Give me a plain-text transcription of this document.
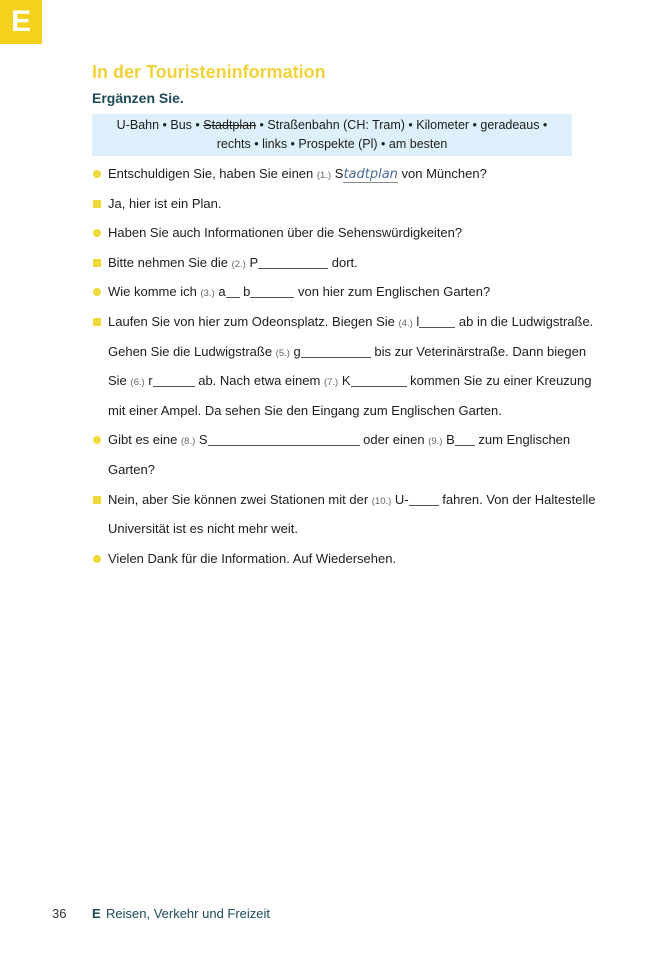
E
In der Touristeninformation
Ergänzen Sie.
U-Bahn • Bus • Stadtplan • Straßenbahn (CH: Tram) • Kilometer • geradeaus •
rechts • links • Prospekte (Pl) • am besten
Entschuldigen Sie, haben Sie einen (1.) Stadtplan von München?
Ja, hier ist ein Plan.
Haben Sie auch Informationen über die Sehenswürdigkeiten?
Bitte nehmen Sie die (2.) P	dort.
Wie komme ich (3.) a b	von hier zum Englischen Garten?
Laufen Sie von hier zum Odeonsplatz. Biegen Sie (4.) l	ab in die Ludwigstraße.
Gehen Sie die Ludwigstraße (5.) g	bis zur Veterinärstraße. Dann biegen
Sie (6.) r	ab. Nach etwa einem (7.) K	kommen Sie zu einer Kreuzung
mit einer Ampel. Da sehen Sie den Eingang zum Englischen Garten.
Gibt es eine (8.) S	oder einen (9.) B zum Englischen
Garten?
Nein, aber Sie können zwei Stationen mit der (10.) U- fahren. Von der Haltestelle
Universität ist es nicht mehr weit.
Vielen Dank für die Information. Auf Wiedersehen.
36 E Reisen, Verkehr und Freizeit
